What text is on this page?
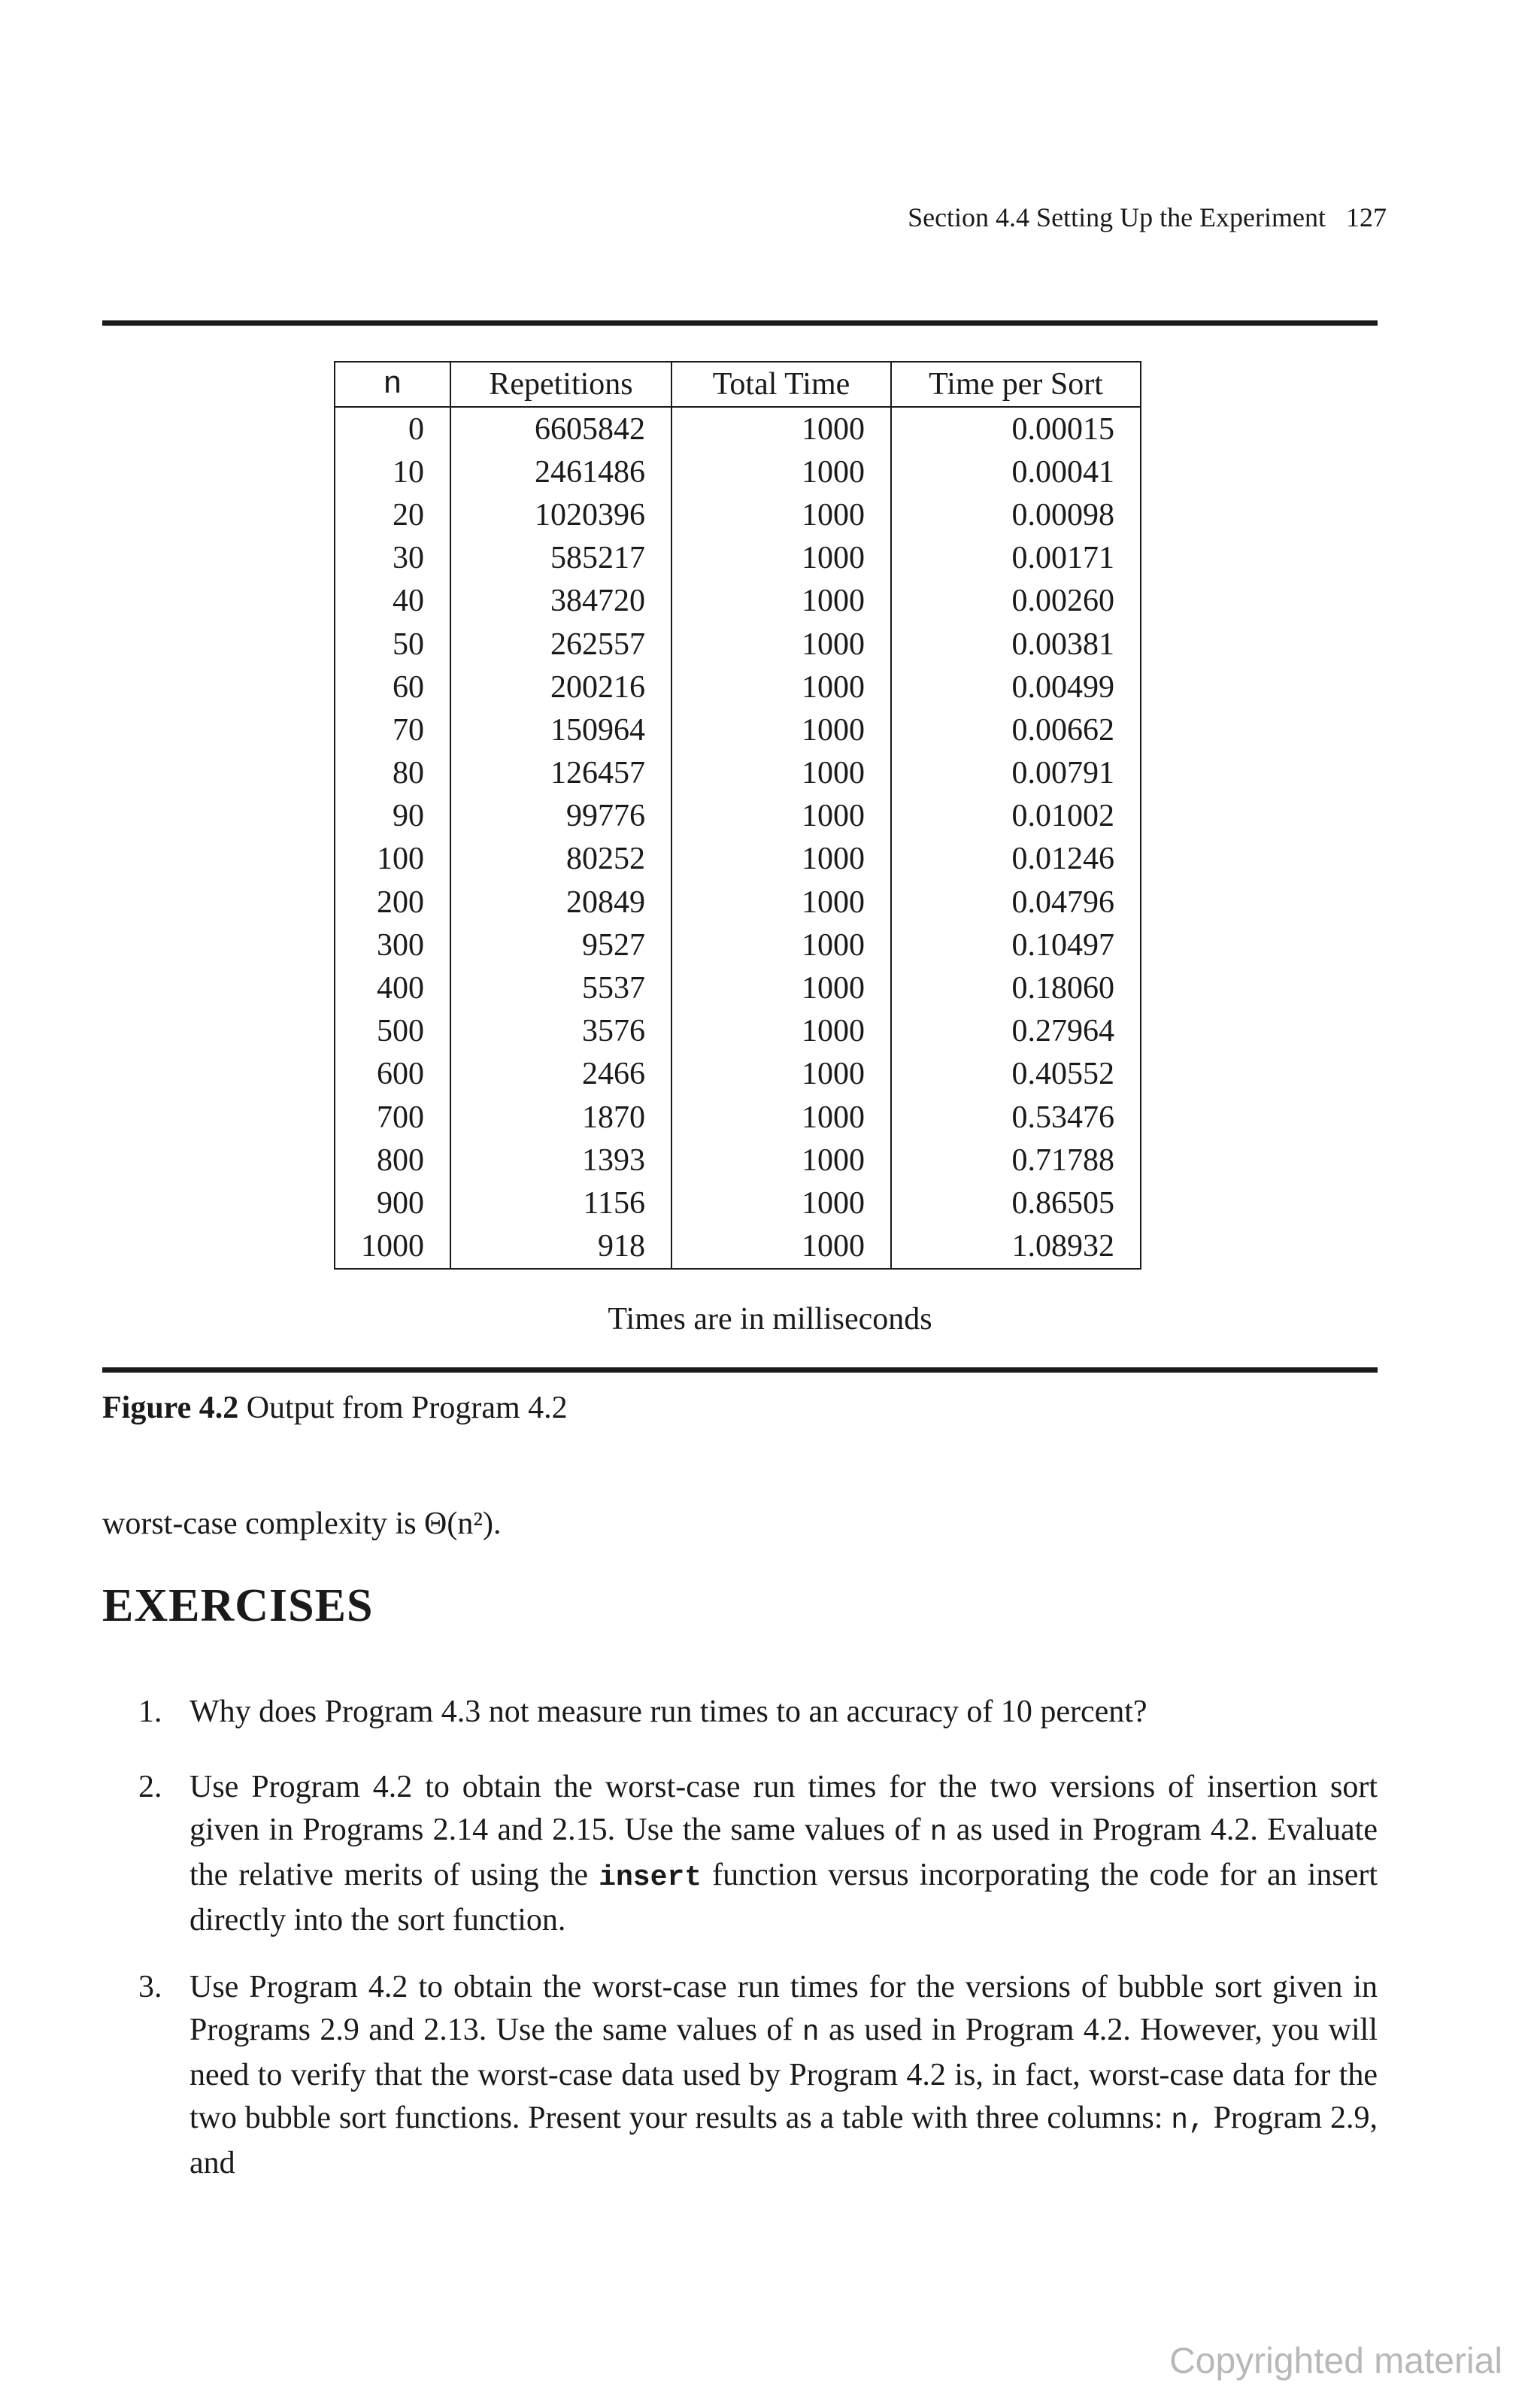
Section 4.4 Setting Up the Experiment 127
n	Repetitions	Total Time	Time per Sort
0	6605842	1000	0.00015
10	2461486	1000	0.00041
20	1020396	1000	0.00098
30	585217	1000	0.00171
40	384720	1000	0.00260
50	262557	1000	0.00381
60	200216	1000	0.00499
70	150964	1000	0.00662
80	126457	1000	0.00791
90	99776	1000	0.01002
100	80252	1000	0.01246
200	20849	1000	0.04796
300	9527	1000	0.10497
400	5537	1000	0.18060
500	3576	1000	0.27964
600	2466	1000	0.40552
700	1870	1000	0.53476
800	1393	1000	0.71788
900	1156	1000	0.86505
1000	918	1000	1.08932
Times are in milliseconds
Figure 4.2 Output from Program 4.2
worst-case complexity is Θ(n²).
EXERCISES
1. Why does Program 4.3 not measure run times to an accuracy of 10 percent?
2. Use Program 4.2 to obtain the worst-case run times for the two versions of insertion sort given in Programs 2.14 and 2.15. Use the same values of n as used in Program 4.2. Evaluate the relative merits of using the insert function versus incorporating the code for an insert directly into the sort function.
3. Use Program 4.2 to obtain the worst-case run times for the versions of bubble sort given in Programs 2.9 and 2.13. Use the same values of n as used in Program 4.2. However, you will need to verify that the worst-case data used by Program 4.2 is, in fact, worst-case data for the two bubble sort functions. Present your results as a table with three columns: n, Program 2.9, and
Copyrighted material
